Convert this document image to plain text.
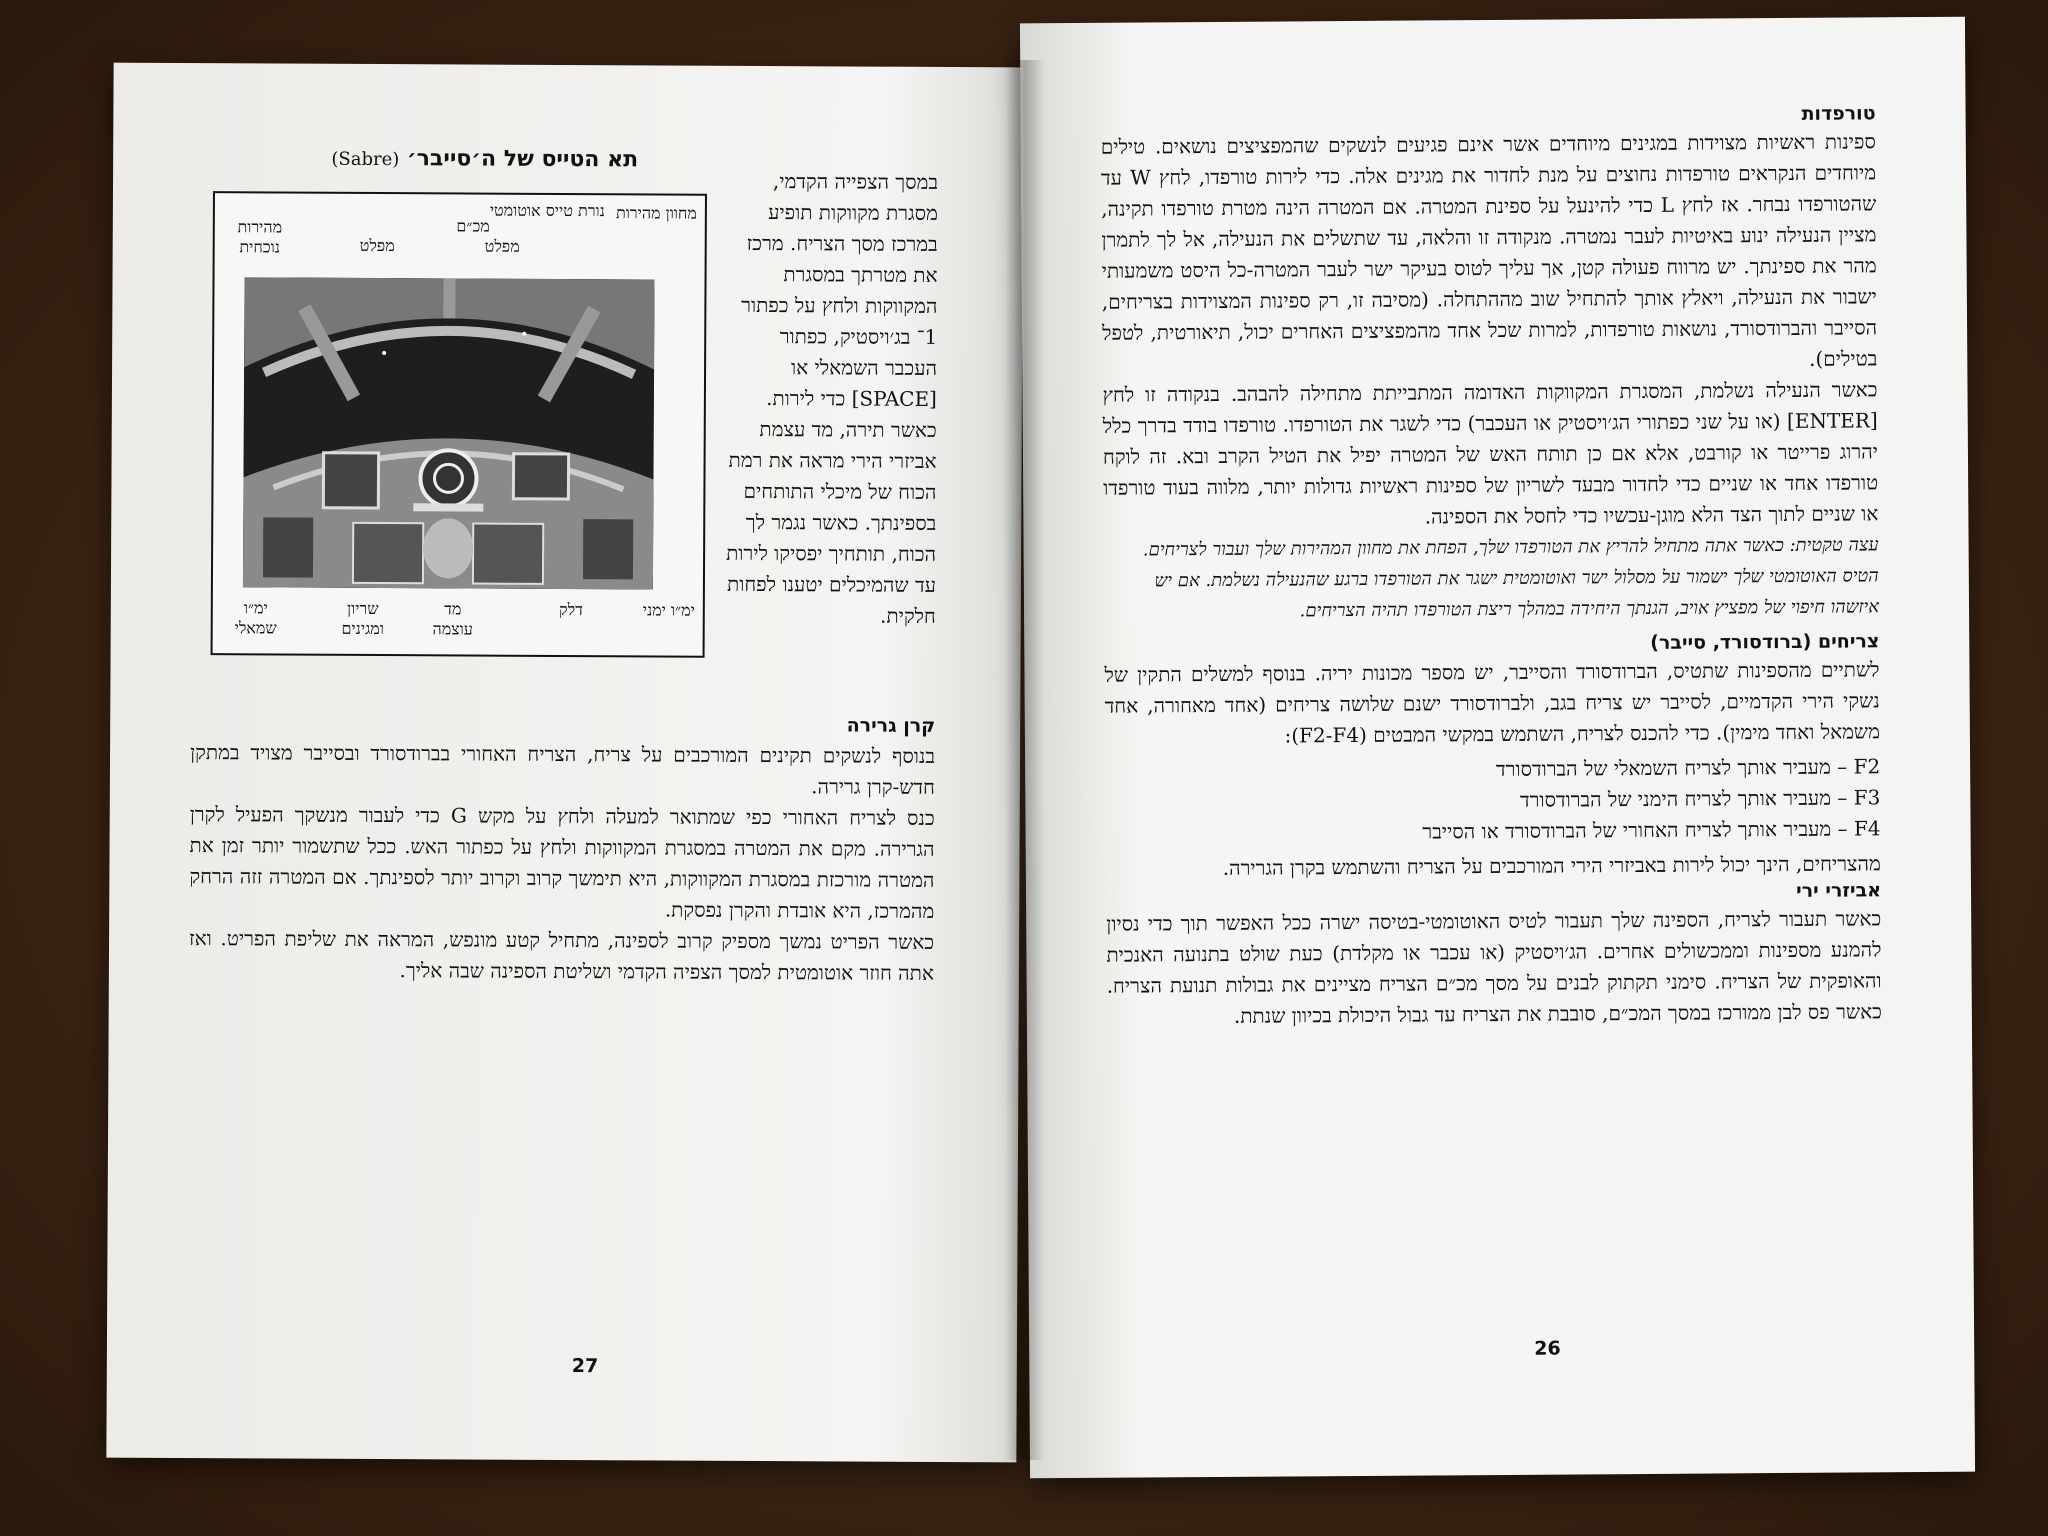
תא הטייס של ה׳סייבר׳ (Sabre)
מחוון מהירות
נורת טייס אוטומטי
מכ״ם
מפלט
מפלט
מהירות נוכחית
ימ״ו ימני
דלק
מד עוצמה
שריון ומגינים
ימ״ו שמאלי

במסך הצפייה הקדמי, מסגרת מקווקות תופיע במרכז מסך הצריח. מרכז את מטרתך במסגרת המקווקות ולחץ על כפתור 1־ בג׳ויסטיק, כפתור העכבר השמאלי או [SPACE] כדי לירות.

כאשר תירה, מד עצמת אביזרי הירי מראה את רמת הכוח של מיכלי התותחים בספינתך. כאשר נגמר לך הכוח, תותחיך יפסיקו לירות עד שהמיכלים יטענו לפחות חלקית.

קרן גרירה

בנוסף לנשקים תקינים המורכבים על צריח, הצריח האחורי בברודסורד ובסייבר מצויד במתקן חדש-קרן גרירה.

כנס לצריח האחורי כפי שמתואר למעלה ולחץ על מקש G כדי לעבור מנשקך הפעיל לקרן הגרירה. מקם את המטרה במסגרת המקווקות ולחץ על כפתור האש. ככל שתשמור יותר זמן את המטרה מורכזת במסגרת המקווקות, היא תימשך קרוב וקרוב יותר לספינתך. אם המטרה זזה הרחק מהמרכז, היא אובדת והקרן נפסקת.

כאשר הפריט נמשך מספיק קרוב לספינה, מתחיל קטע מונפש, המראה את שליפת הפריט. ואז אתה חוזר אוטומטית למסך הצפיה הקדמי ושליטת הספינה שבה אליך.

27
טורפדות

ספינות ראשיות מצוידות במגינים מיוחדים אשר אינם פגיעים לנשקים שהמפציצים נושאים. טילים מיוחדים הנקראים טורפדות נחוצים על מנת לחדור את מגינים אלה. כדי לירות טורפדו, לחץ W עד שהטורפדו נבחר. אז לחץ L כדי להינעל על ספינת המטרה. אם המטרה הינה מטרת טורפדו תקינה, מציין הנעילה ינוע באיטיות לעבר נמטרה. מנקודה זו והלאה, עד שתשלים את הנעילה, אל לך לתמרן מהר את ספינתך. יש מרווח פעולה קטן, אך עליך לטוס בעיקר ישר לעבר המטרה-כל היסט משמעותי ישבור את הנעילה, ויאלץ אותך להתחיל שוב מההתחלה. (מסיבה זו, רק ספינות המצוידות בצריחים, הסייבר והברודסורד, נושאות טורפדות, למרות שכל אחד מהמפציצים האחרים יכול, תיאורטית, לטפל בטילים).

כאשר הנעילה נשלמת, המסגרת המקווקות האדומה המתבייתת מתחילה להבהב. בנקודה זו לחץ [ENTER] (או על שני כפתורי הג׳ויסטיק או העכבר) כדי לשגר את הטורפדו. טורפדו בודד בדרך כלל יהרוג פרייטר או קורבט, אלא אם כן תותח האש של המטרה יפיל את הטיל הקרב ובא. זה לוקח טורפדו אחד או שניים כדי לחדור מבעד לשריון של ספינות ראשיות גדולות יותר, מלווה בעוד טורפדו או שניים לתוך הצד הלא מוגן-עכשיו כדי לחסל את הספינה.

עצה טקטית: כאשר אתה מתחיל להריץ את הטורפדו שלך, הפחת את מחוון המהירות שלך ועבור לצריחים. הטיס האוטומטי שלך ישמור על מסלול ישר ואוטומטית ישגר את הטורפדו ברגע שהנעילה נשלמת. אם יש איזשהו חיפוי של מפציץ אויב, הגנתך היחידה במהלך ריצת הטורפדו תהיה הצריחים.

צריחים (ברודסורד, סייבר)

לשתיים מהספינות שתטיס, הברודסורד והסייבר, יש מספר מכונות יריה. בנוסף למשלים התקין של נשקי הירי הקדמיים, לסייבר יש צריח בגב, ולברודסורד ישנם שלושה צריחים (אחד מאחורה, אחד משמאל ואחד מימין). כדי להכנס לצריח, השתמש במקשי המבטים (F2-F4):

F2 – מעביר אותך לצריח השמאלי של הברודסורד
F3 – מעביר אותך לצריח הימני של הברודסורד
F4 – מעביר אותך לצריח האחורי של הברודסורד או הסייבר

מהצריחים, הינך יכול לירות באביזרי הירי המורכבים על הצריח והשתמש בקרן הגרירה.

אביזרי ירי

כאשר תעבור לצריח, הספינה שלך תעבור לטיס האוטומטי-בטיסה ישרה ככל האפשר תוך כדי נסיון להמנע מספינות וממכשולים אחרים. הג׳ויסטיק (או עכבר או מקלדת) כעת שולט בתנועה האנכית והאופקית של הצריח. סימני תקתוק לבנים על מסך מכ״ם הצריח מציינים את גבולות תנועת הצריח. כאשר פס לבן ממורכז במסך המכ״ם, סובבת את הצריח עד גבול היכולת בכיוון שנתת.

26
